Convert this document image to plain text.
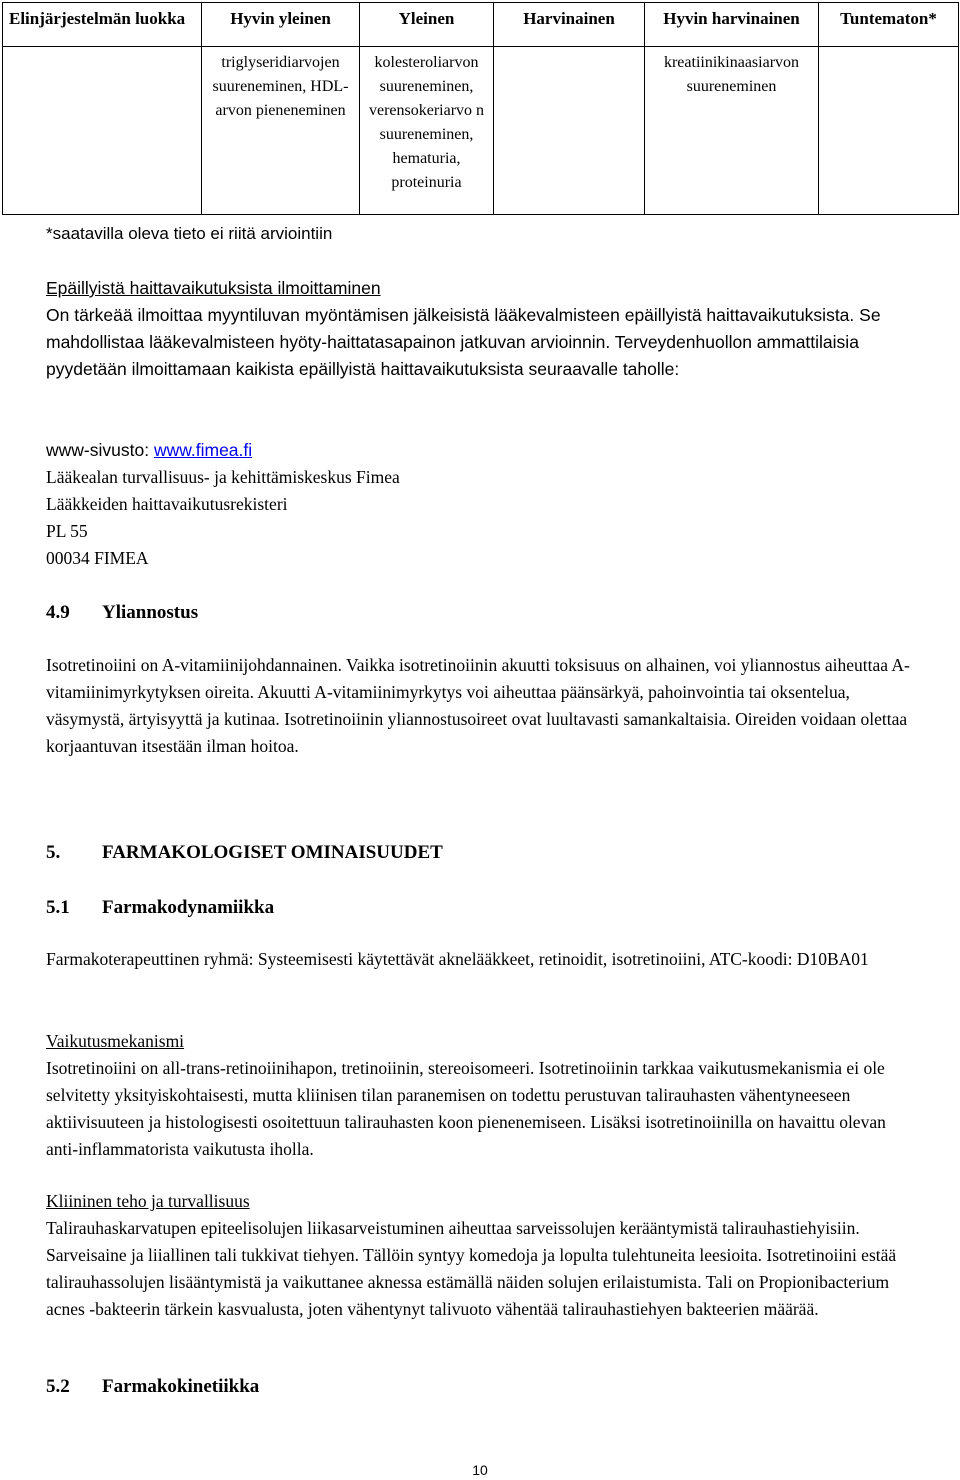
Elinjärjestelmän luokka	Hyvin yleinen	Yleinen	Harvinainen	Hyvin harvinainen	Tuntematon*
	triglyseridiarvojen suureneminen, HDL-arvon pieneneminen	kolesteroliarvon suureneminen, verensokeriarvo n suureneminen, hematuria, proteinuria		kreatiinikinaasiarvon suureneminen	
*saatavilla oleva tieto ei riitä arviointiin
Epäillyistä haittavaikutuksista ilmoittaminen

On tärkeää ilmoittaa myyntiluvan myöntämisen jälkeisistä lääkevalmisteen epäillyistä haittavaikutuksista. Se mahdollistaa lääkevalmisteen hyöty-haittatasapainon jatkuvan arvioinnin. Terveydenhuollon ammattilaisia pyydetään ilmoittamaan kaikista epäillyistä haittavaikutuksista seuraavalle taholle:

www-sivusto: www.fimea.fi
Lääkealan turvallisuus- ja kehittämiskeskus Fimea
Lääkkeiden haittavaikutusrekisteri
PL 55
00034 FIMEA
4.9 Yliannostus

Isotretinoiini on A-vitamiinijohdannainen. Vaikka isotretinoiinin akuutti toksisuus on alhainen, voi yliannostus aiheuttaa A-vitamiinimyrkytyksen oireita. Akuutti A-vitamiinimyrkytys voi aiheuttaa päänsärkyä, pahoinvointia tai oksentelua, väsymystä, ärtyisyyttä ja kutinaa. Isotretinoiinin yliannostusoireet ovat luultavasti samankaltaisia. Oireiden voidaan olettaa korjaantuvan itsestään ilman hoitoa.

5. FARMAKOLOGISET OMINAISUUDET
5.1 Farmakodynamiikka

Farmakoterapeuttinen ryhmä: Systeemisesti käytettävät aknelääkkeet, retinoidit, isotretinoiini, ATC-koodi: D10BA01

Vaikutusmekanismi

Isotretinoiini on all-trans-retinoiinihapon, tretinoiinin, stereoisomeeri. Isotretinoiinin tarkkaa vaikutusmekanismia ei ole selvitetty yksityiskohtaisesti, mutta kliinisen tilan paranemisen on todettu perustuvan talirauhasten vähentyneeseen aktiivisuuteen ja histologisesti osoitettuun talirauhasten koon pienenemiseen. Lisäksi isotretinoiinilla on havaittu olevan anti-inflammatorista vaikutusta iholla.

Kliininen teho ja turvallisuus

Talirauhaskarvatupen epiteelisolujen liikasarveistuminen aiheuttaa sarveissolujen kerääntymistä talirauhastiehyisiin. Sarveisaine ja liiallinen tali tukkivat tiehyen. Tällöin syntyy komedoja ja lopulta tulehtuneita leesioita. Isotretinoiini estää talirauhassolujen lisääntymistä ja vaikuttanee aknessa estämällä näiden solujen erilaistumista. Tali on Propionibacterium acnes -bakteerin tärkein kasvualusta, joten vähentynyt talivuoto vähentää talirauhastiehyen bakteerien määrää.

5.2 Farmakokinetiikka
10
